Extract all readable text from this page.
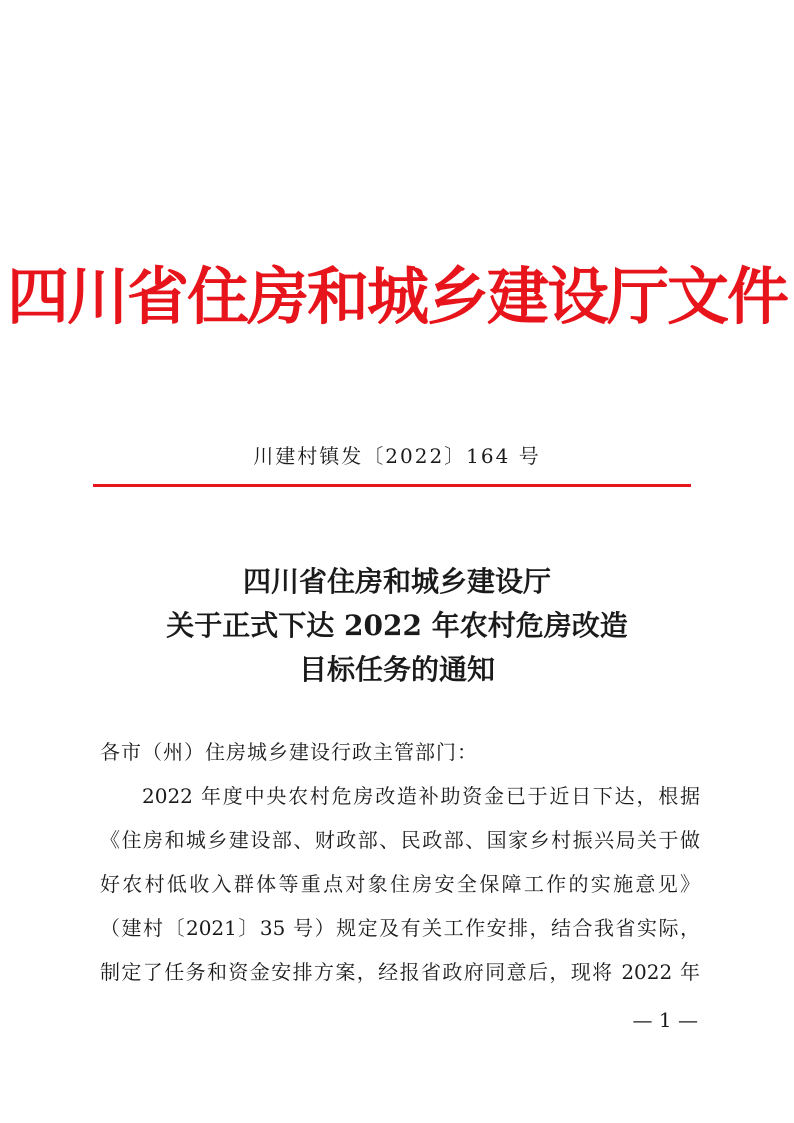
四川省住房和城乡建设厅文件
川建村镇发〔2022〕164 号
四川省住房和城乡建设厅
关于正式下达 2022 年农村危房改造
目标任务的通知
各市（州）住房城乡建设行政主管部门：
2022 年度中央农村危房改造补助资金已于近日下达，根据
《住房和城乡建设部、财政部、民政部、国家乡村振兴局关于做
好农村低收入群体等重点对象住房安全保障工作的实施意见》
（建村〔2021〕35 号）规定及有关工作安排，结合我省实际，
制定了任务和资金安排方案，经报省政府同意后，现将 2022 年
— 1 —
